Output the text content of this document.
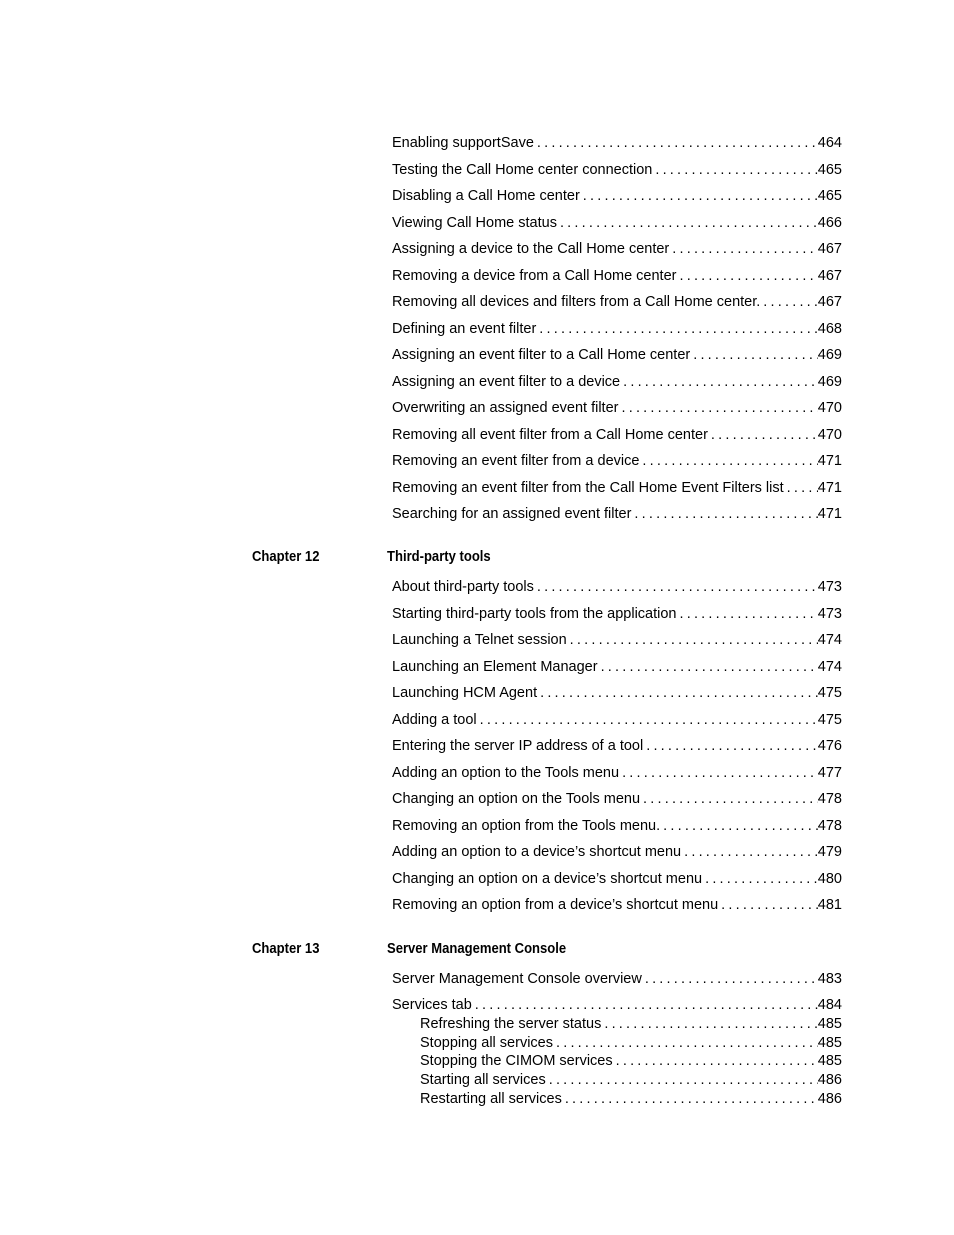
Enabling supportSave .....	464
Testing the Call Home center connection .....	465
Disabling a Call Home center .....	465
Viewing Call Home status .....	466
Assigning a device to the Call Home center .....	467
Removing a device from a Call Home center .....	467
Removing all devices and filters from a Call Home center. .....	467
Defining an event filter .....	468
Assigning an event filter to a Call Home center .....	469
Assigning an event filter to a device .....	469
Overwriting an assigned event filter .....	470
Removing all event filter from a Call Home center .....	470
Removing an event filter from a device .....	471
Removing an event filter from the Call Home Event Filters list ..... 471
Searching for an assigned event filter .....	471
Chapter 12	Third-party tools
About third-party tools .....	473
Starting third-party tools from the application .....	473
Launching a Telnet session .....	474
Launching an Element Manager .....	474
Launching HCM Agent .....	475
Adding a tool .....	475
Entering the server IP address of a tool .....	476
Adding an option to the Tools menu .....	477
Changing an option on the Tools menu .....	478
Removing an option from the Tools menu. .....	478
Adding an option to a device’s shortcut menu .....	479
Changing an option on a device’s shortcut menu .....	480
Removing an option from a device’s shortcut menu .....	481
Chapter 13	Server Management Console
Server Management Console overview .....	483
Services tab .....	484
Refreshing the server status .....	485
Stopping all services .....	485
Stopping the CIMOM services .....	485
Starting all services .....	486
Restarting all services .....	486
